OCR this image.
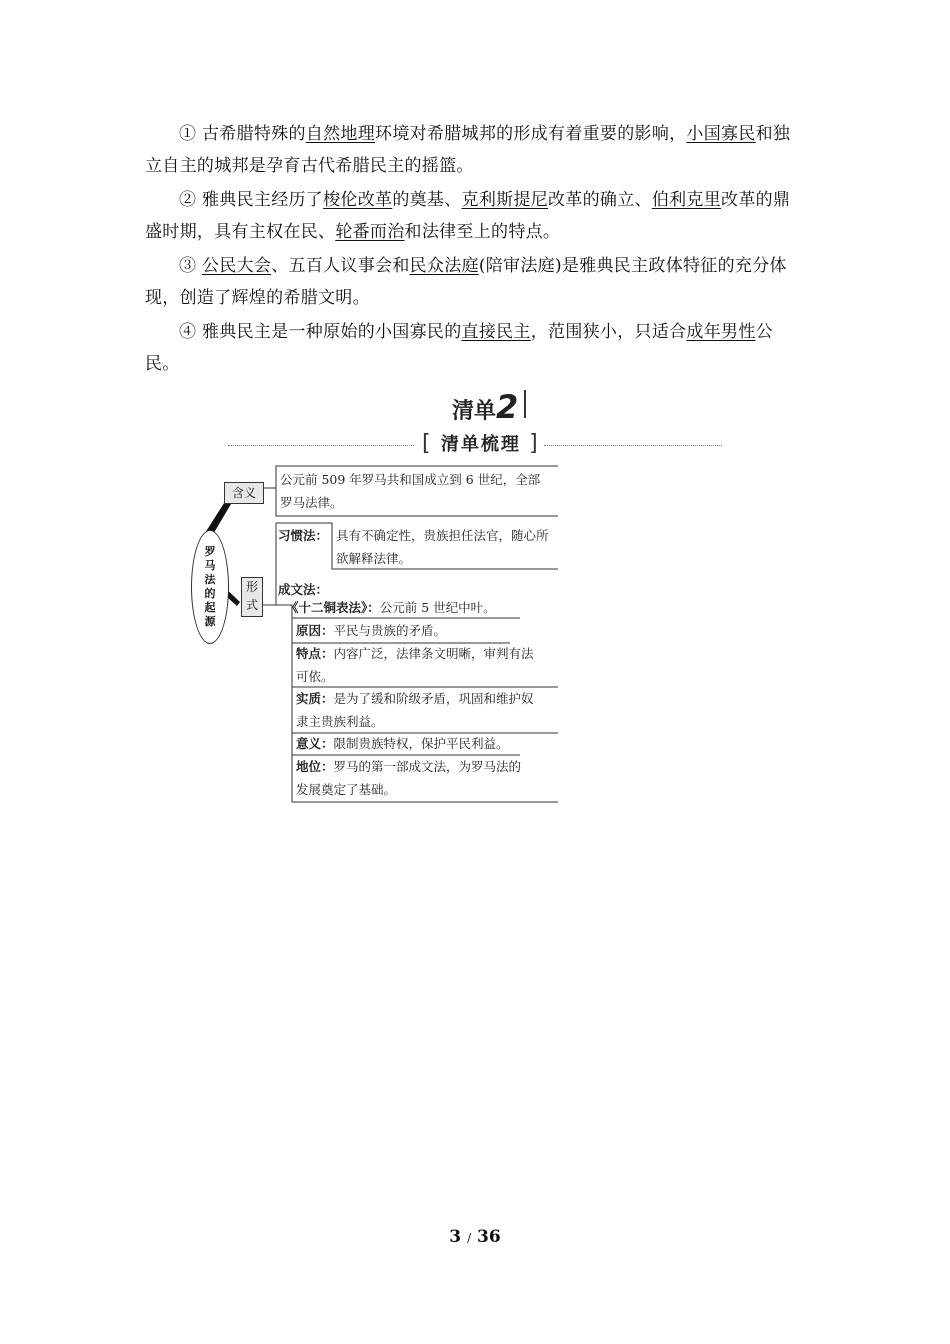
① 古希腊特殊的自然地理环境对希腊城邦的形成有着重要的影响，小国寡民和独立自主的城邦是孕育古代希腊民主的摇篮。

② 雅典民主经历了梭伦改革的奠基、克利斯提尼改革的确立、伯利克里改革的鼎盛时期，具有主权在民、轮番而治和法律至上的特点。

③ 公民大会、五百人议事会和民众法庭(陪审法庭)是雅典民主政体特征的充分体现，创造了辉煌的希腊文明。

④ 雅典民主是一种原始的小国寡民的直接民主，范围狭小，只适合成年男性公民。

清单2
[ 清单梳理 ]
罗
马
法
的
起
源
含义
形
式
公元前 509 年罗马共和国成立到 6 世纪，全部
罗马法律。
习惯法： 具有不确定性，贵族担任法官，随心所
欲解释法律。
成文法：
《十二铜表法》：公元前 5 世纪中叶。
原因：平民与贵族的矛盾。
特点：内容广泛，法律条文明晰，审判有法
可依。
实质：是为了缓和阶级矛盾，巩固和维护奴
隶主贵族利益。
意义：限制贵族特权，保护平民利益。
地位：罗马的第一部成文法，为罗马法的
发展奠定了基础。
3 / 36
